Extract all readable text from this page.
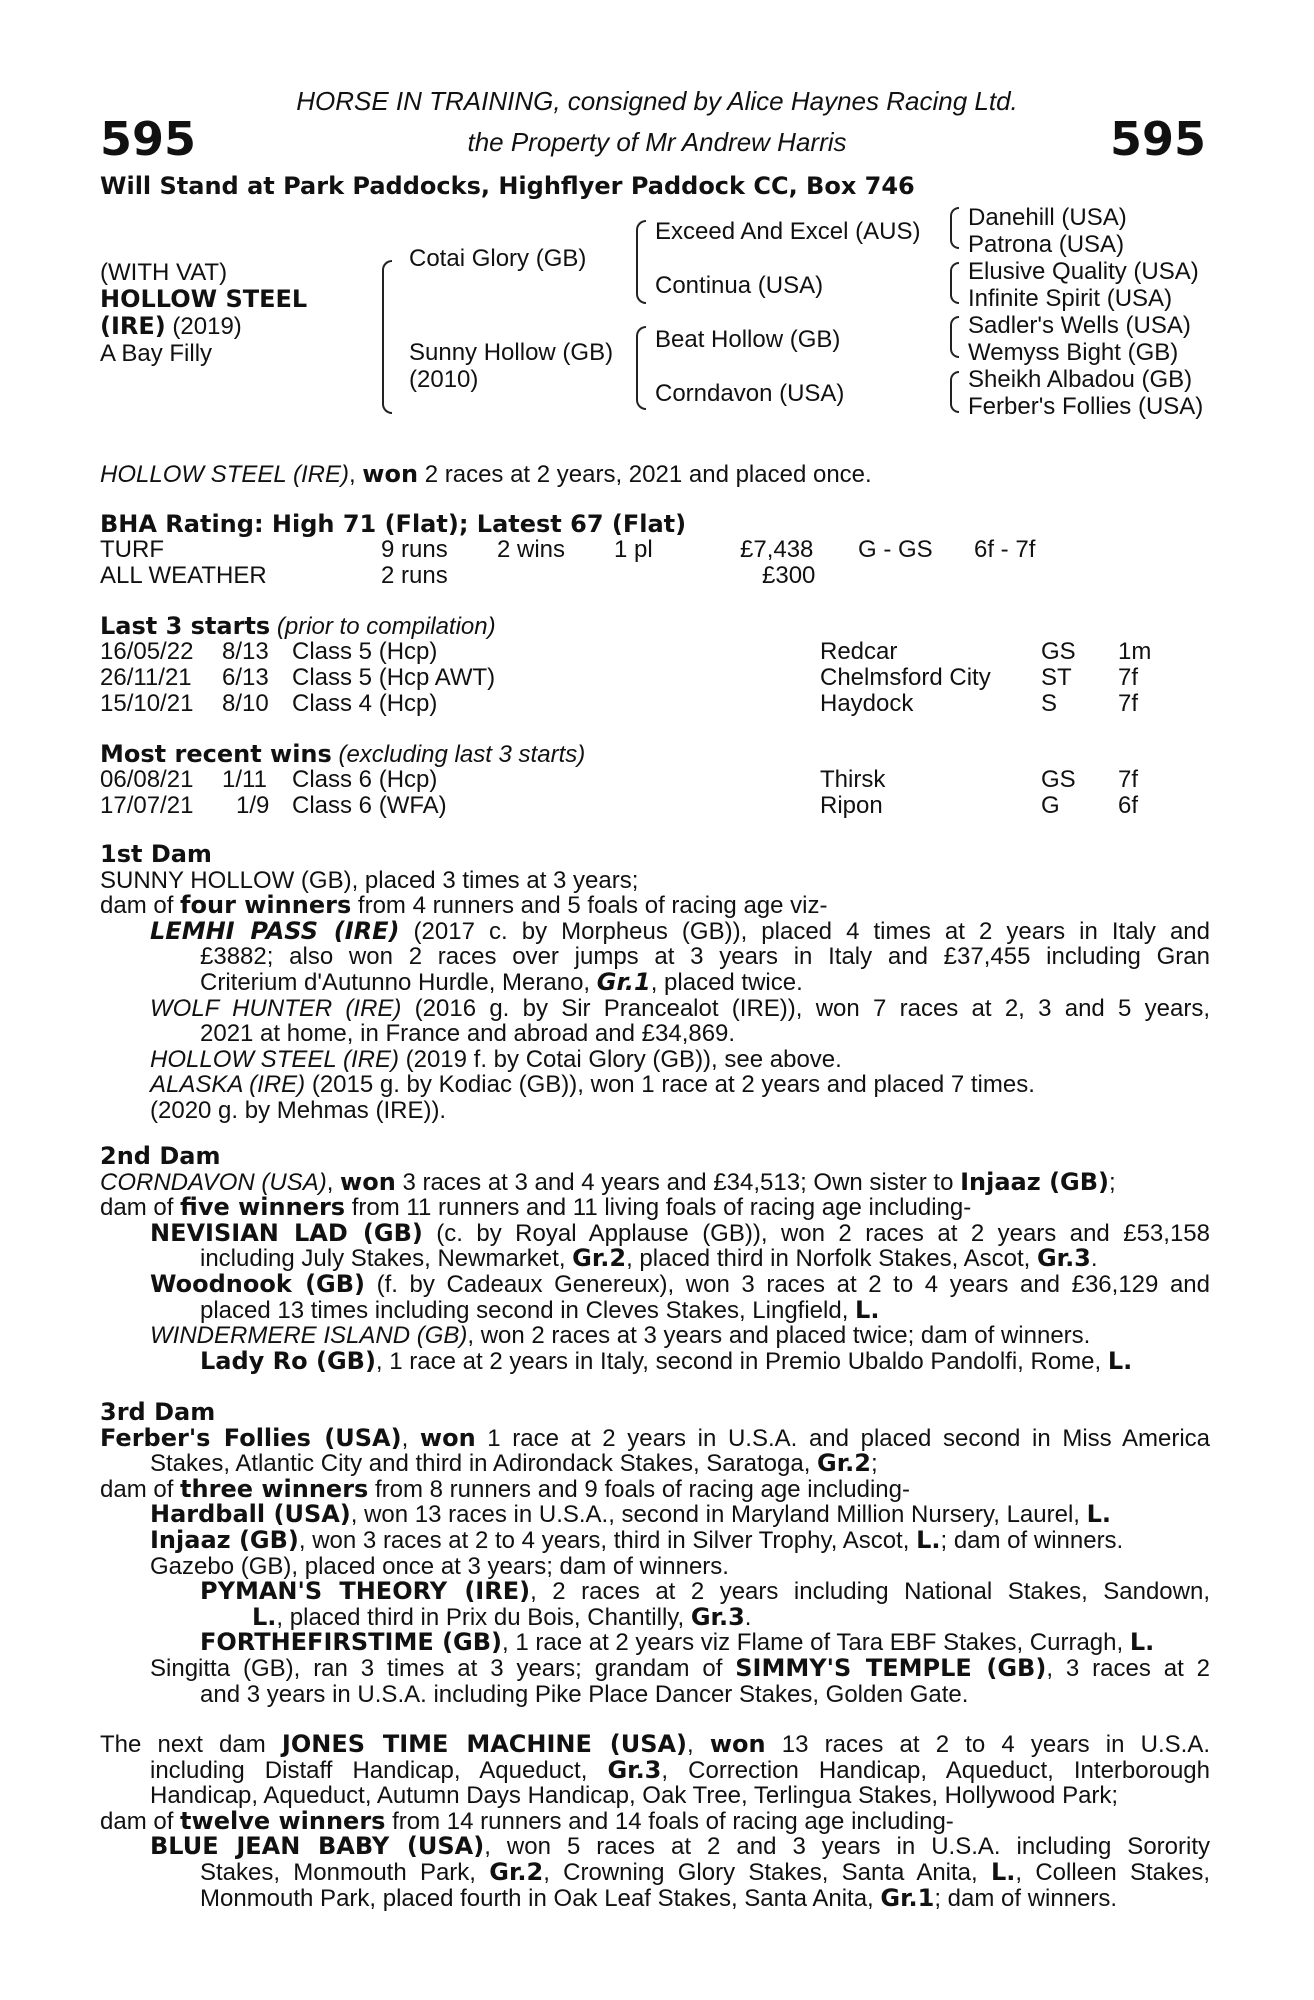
595	595
HORSE IN TRAINING, consigned by Alice Haynes Racing Ltd.
the Property of Mr Andrew Harris
Will Stand at Park Paddocks, Highflyer Paddock CC, Box 746
(WITH VAT)
HOLLOW STEEL
(IRE) (2019)
A Bay Filly
Cotai Glory (GB)
Sunny Hollow (GB)
(2010)
Exceed And Excel (AUS)
Continua (USA)
Beat Hollow (GB)
Corndavon (USA)
Danehill (USA)
Patrona (USA)
Elusive Quality (USA)
Infinite Spirit (USA)
Sadler's Wells (USA)
Wemyss Bight (GB)
Sheikh Albadou (GB)
Ferber's Follies (USA)
HOLLOW STEEL (IRE), won 2 races at 2 years, 2021 and placed once.
BHA Rating: High 71 (Flat); Latest 67 (Flat)
TURF	9 runs 2 wins 1 pl	£7,438 G - GS 6f - 7f
ALL WEATHER	2 runs	£300
Last 3 starts (prior to compilation)
16/05/22 8/13 Class 5 (Hcp)	Redcar	GS 1m
26/11/21 6/13 Class 5 (Hcp AWT)	Chelmsford City ST 7f
15/10/21 8/10 Class 4 (Hcp)	Haydock	S	7f
Most recent wins (excluding last 3 starts)
06/08/21 1/11 Class 6 (Hcp)	Thirsk	GS 7f
17/07/21 1/9 Class 6 (WFA)	Ripon	G 6f
1st Dam
SUNNY HOLLOW (GB), placed 3 times at 3 years;
dam of four winners from 4 runners and 5 foals of racing age viz-
LEMHI PASS (IRE) (2017 c. by Morpheus (GB)), placed 4 times at 2 years in Italy and
£3882; also won 2 races over jumps at 3 years in Italy and £37,455 including Gran
Criterium d'Autunno Hurdle, Merano, Gr.1, placed twice.
WOLF HUNTER (IRE) (2016 g. by Sir Prancealot (IRE)), won 7 races at 2, 3 and 5 years,
2021 at home, in France and abroad and £34,869.
HOLLOW STEEL (IRE) (2019 f. by Cotai Glory (GB)), see above.
ALASKA (IRE) (2015 g. by Kodiac (GB)), won 1 race at 2 years and placed 7 times.
(2020 g. by Mehmas (IRE)).
2nd Dam
CORNDAVON (USA), won 3 races at 3 and 4 years and £34,513; Own sister to Injaaz (GB);
dam of five winners from 11 runners and 11 living foals of racing age including-
NEVISIAN LAD (GB) (c. by Royal Applause (GB)), won 2 races at 2 years and £53,158
including July Stakes, Newmarket, Gr.2, placed third in Norfolk Stakes, Ascot, Gr.3.
Woodnook (GB) (f. by Cadeaux Genereux), won 3 races at 2 to 4 years and £36,129 and
placed 13 times including second in Cleves Stakes, Lingfield, L.
WINDERMERE ISLAND (GB), won 2 races at 3 years and placed twice; dam of winners.
Lady Ro (GB), 1 race at 2 years in Italy, second in Premio Ubaldo Pandolfi, Rome, L.
3rd Dam
Ferber's Follies (USA), won 1 race at 2 years in U.S.A. and placed second in Miss America
Stakes, Atlantic City and third in Adirondack Stakes, Saratoga, Gr.2;
dam of three winners from 8 runners and 9 foals of racing age including-
Hardball (USA), won 13 races in U.S.A., second in Maryland Million Nursery, Laurel, L.
Injaaz (GB), won 3 races at 2 to 4 years, third in Silver Trophy, Ascot, L.; dam of winners.
Gazebo (GB), placed once at 3 years; dam of winners.
PYMAN'S THEORY (IRE), 2 races at 2 years including National Stakes, Sandown,
L., placed third in Prix du Bois, Chantilly, Gr.3.
FORTHEFIRSTIME (GB), 1 race at 2 years viz Flame of Tara EBF Stakes, Curragh, L.
Singitta (GB), ran 3 times at 3 years; grandam of SIMMY'S TEMPLE (GB), 3 races at 2
and 3 years in U.S.A. including Pike Place Dancer Stakes, Golden Gate.
The next dam JONES TIME MACHINE (USA), won 13 races at 2 to 4 years in U.S.A.
including Distaff Handicap, Aqueduct, Gr.3, Correction Handicap, Aqueduct, Interborough
Handicap, Aqueduct, Autumn Days Handicap, Oak Tree, Terlingua Stakes, Hollywood Park;
dam of twelve winners from 14 runners and 14 foals of racing age including-
BLUE JEAN BABY (USA), won 5 races at 2 and 3 years in U.S.A. including Sorority
Stakes, Monmouth Park, Gr.2, Crowning Glory Stakes, Santa Anita, L., Colleen Stakes,
Monmouth Park, placed fourth in Oak Leaf Stakes, Santa Anita, Gr.1; dam of winners.
